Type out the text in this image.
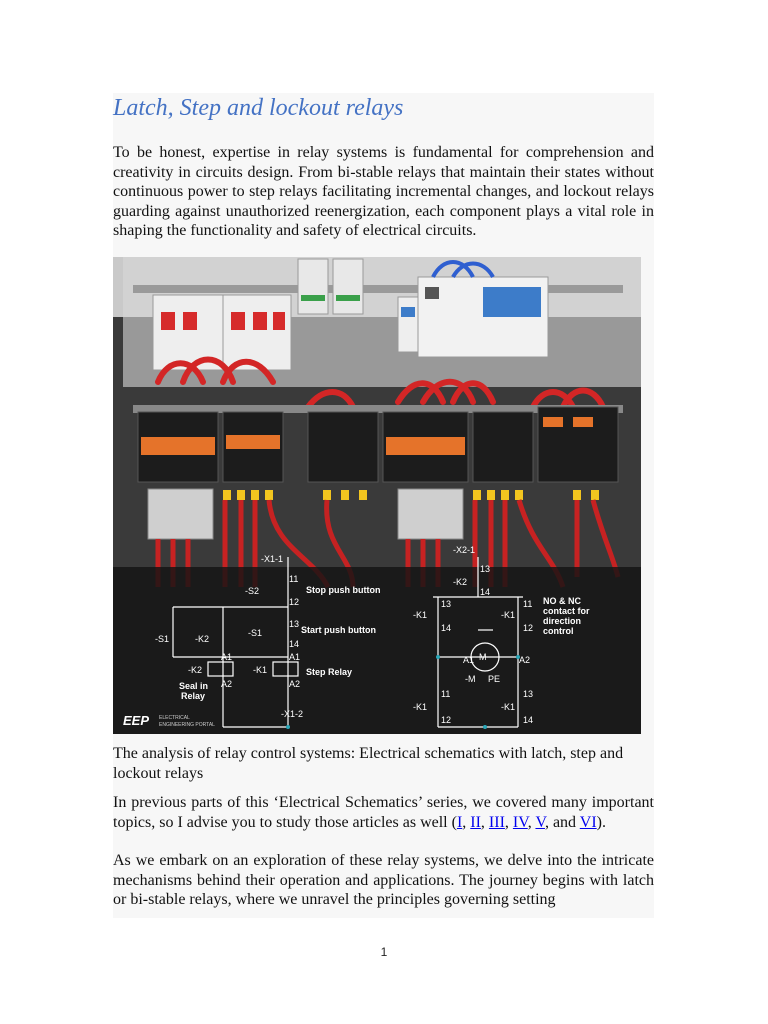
Latch, Step and lockout relays

To be honest, expertise in relay systems is fundamental for comprehension and creativity in circuits design. From bi-stable relays that maintain their states without continuous power to step relays facilitating incremental changes, and lockout relays guarding against unauthorized reenergization, each component plays a vital role in shaping the functionality and safety of electrical circuits.

-X1-1
-S2
11
12
Stop push button
-S1	-K2
-S1
13
14
Start push button
A1	A1
-K2	-K1	Step Relay
A2	A2
Seal in
Relay
-X1-2
-X2-1
-K2
13
14
-K1
13
14
-K1
11
12
NO & NC
contact for
direction
control
M
A1	A2
-M PE
-K1
11
12
-K1
13
14
EEP ELECTRICAL
ENGINEERING PORTAL

The analysis of relay control systems: Electrical schematics with latch, step and lockout relays

In previous parts of this ‘Electrical Schematics’ series, we covered many important topics, so I advise you to study those articles as well (I, II, III, IV, V, and VI).

As we embark on an exploration of these relay systems, we delve into the intricate mechanisms behind their operation and applications. The journey begins with latch or bi-stable relays, where we unravel the principles governing setting

1
